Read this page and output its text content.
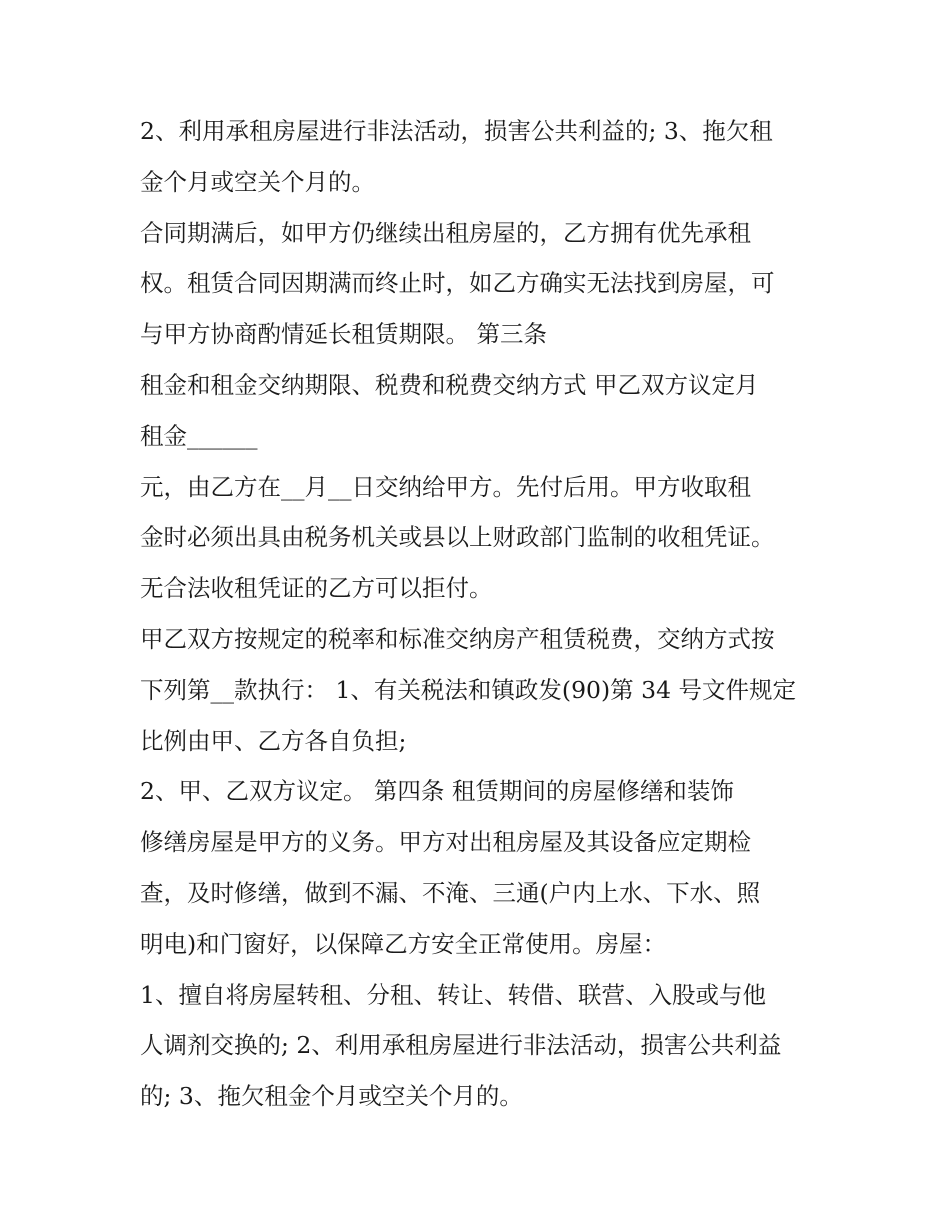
2、利用承租房屋进行非法活动，损害公共利益的; 3、拖欠租
金个月或空关个月的。
合同期满后，如甲方仍继续出租房屋的，乙方拥有优先承租
权。租赁合同因期满而终止时，如乙方确实无法找到房屋，可
与甲方协商酌情延长租赁期限。 第三条
租金和租金交纳期限、税费和税费交纳方式 甲乙双方议定月
租金______
元，由乙方在__月__日交纳给甲方。先付后用。甲方收取租
金时必须出具由税务机关或县以上财政部门监制的收租凭证。
无合法收租凭证的乙方可以拒付。
甲乙双方按规定的税率和标准交纳房产租赁税费，交纳方式按
下列第__款执行： 1、有关税法和镇政发(90)第 34 号文件规定
比例由甲、乙方各自负担;
2、甲、乙双方议定。 第四条 租赁期间的房屋修缮和装饰
修缮房屋是甲方的义务。甲方对出租房屋及其设备应定期检
查，及时修缮，做到不漏、不淹、三通(户内上水、下水、照
明电)和门窗好，以保障乙方安全正常使用。房屋：
1、擅自将房屋转租、分租、转让、转借、联营、入股或与他
人调剂交换的; 2、利用承租房屋进行非法活动，损害公共利益
的; 3、拖欠租金个月或空关个月的。
